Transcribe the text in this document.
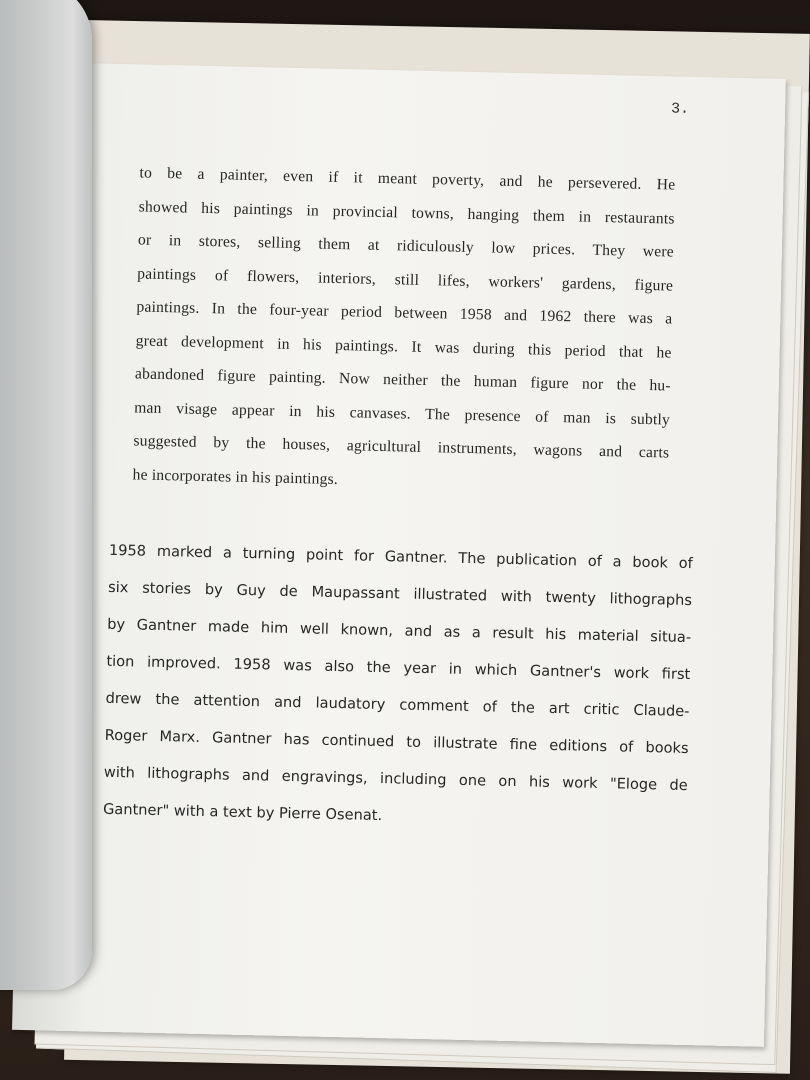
3.

to be a painter, even if it meant poverty, and he persevered. He
showed his paintings in provincial towns, hanging them in restaurants
or in stores, selling them at ridiculously low prices. They were
paintings of flowers, interiors, still lifes, workers' gardens, figure
paintings. In the four-year period between 1958 and 1962 there was a
great development in his paintings. It was during this period that he
abandoned figure painting. Now neither the human figure nor the hu-
man visage appear in his canvases. The presence of man is subtly
suggested by the houses, agricultural instruments, wagons and carts
he incorporates in his paintings.

1958 marked a turning point for Gantner. The publication of a book of
six stories by Guy de Maupassant illustrated with twenty lithographs
by Gantner made him well known, and as a result his material situa-
tion improved. 1958 was also the year in which Gantner's work first
drew the attention and laudatory comment of the art critic Claude-
Roger Marx. Gantner has continued to illustrate fine editions of books
with lithographs and engravings, including one on his work "Eloge de
Gantner" with a text by Pierre Osenat.
